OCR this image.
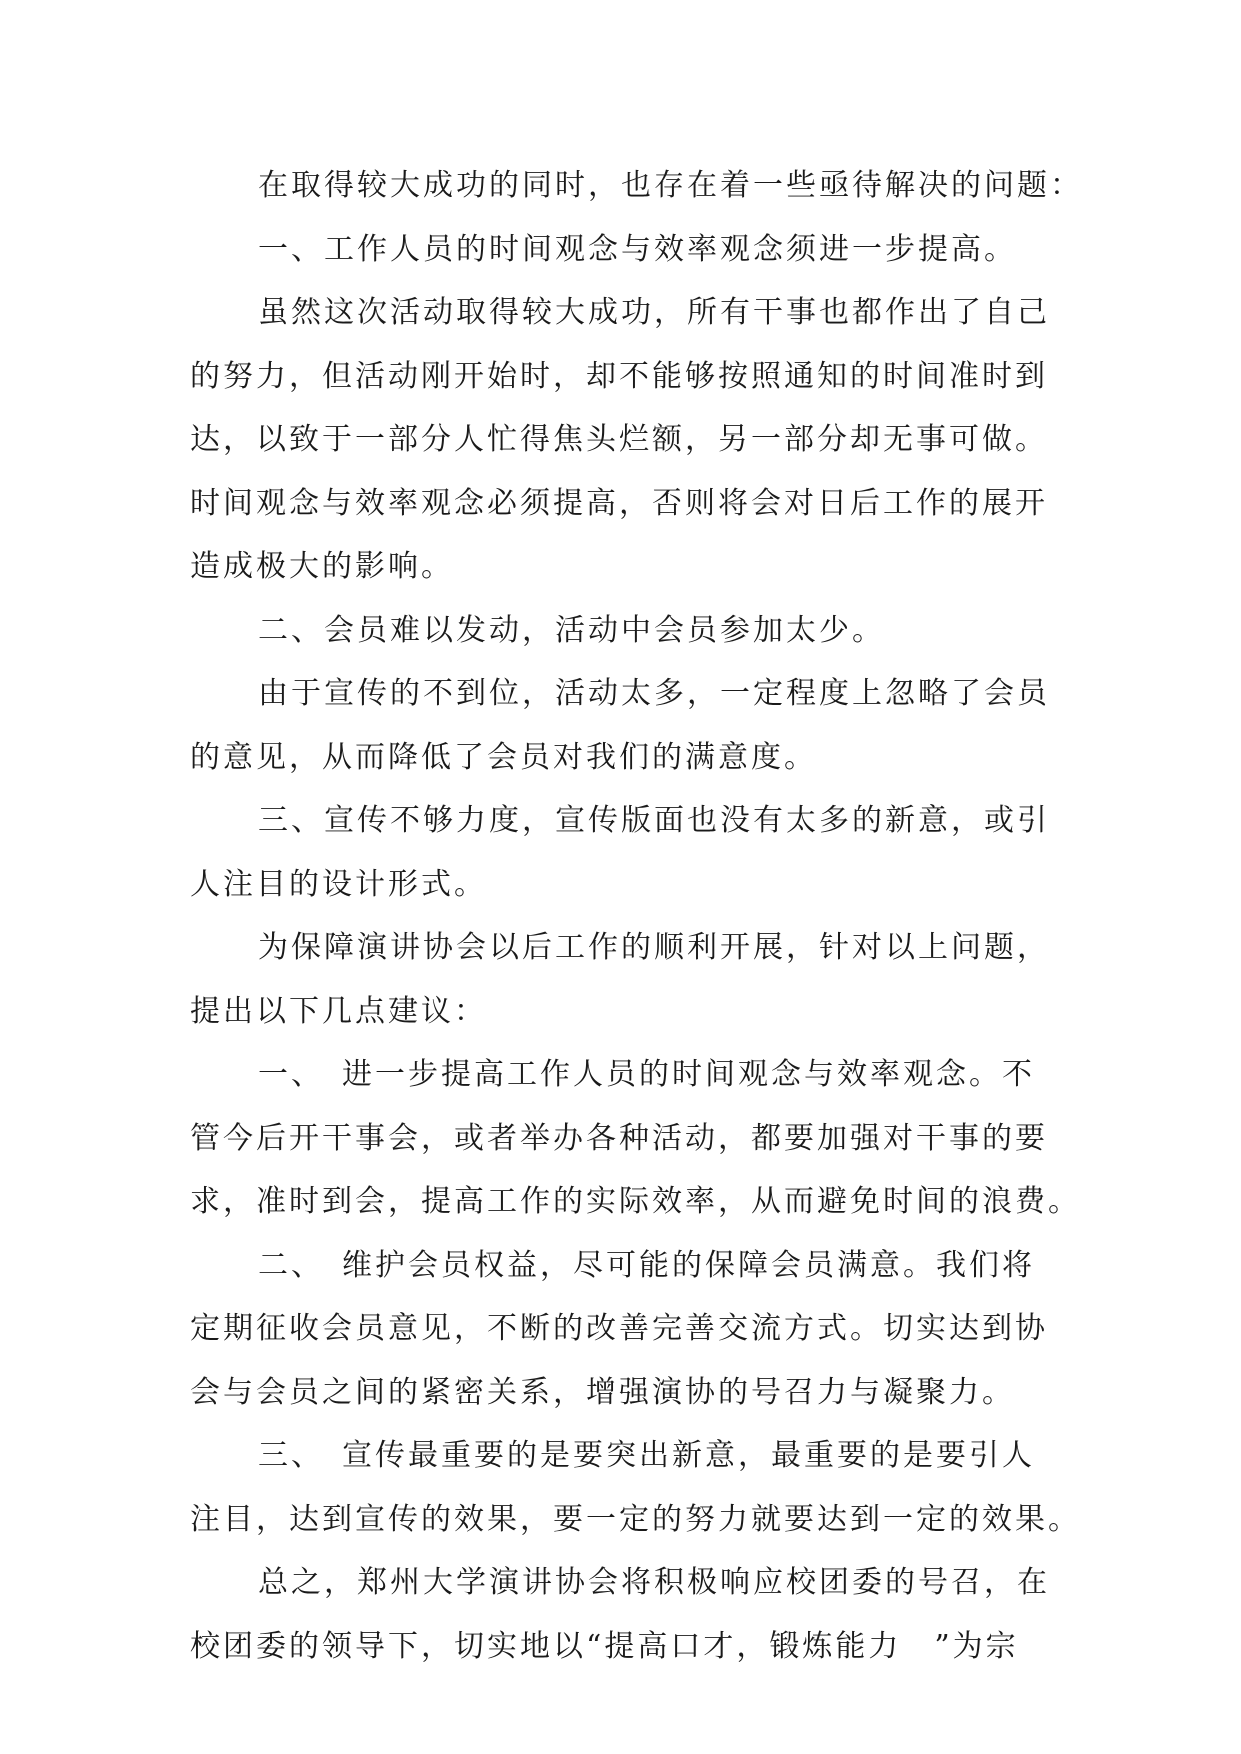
在取得较大成功的同时，也存在着一些亟待解决的问题：
一、工作人员的时间观念与效率观念须进一步提高。
虽然这次活动取得较大成功，所有干事也都作出了自己
的努力，但活动刚开始时，却不能够按照通知的时间准时到
达，以致于一部分人忙得焦头烂额，另一部分却无事可做。
时间观念与效率观念必须提高，否则将会对日后工作的展开
造成极大的影响。
二、会员难以发动，活动中会员参加太少。
由于宣传的不到位，活动太多，一定程度上忽略了会员
的意见，从而降低了会员对我们的满意度。
三、宣传不够力度，宣传版面也没有太多的新意，或引
人注目的设计形式。
为保障演讲协会以后工作的顺利开展，针对以上问题，
提出以下几点建议：
一、　进一步提高工作人员的时间观念与效率观念。不
管今后开干事会，或者举办各种活动，都要加强对干事的要
求，准时到会，提高工作的实际效率，从而避免时间的浪费。
二、　维护会员权益，尽可能的保障会员满意。我们将
定期征收会员意见，不断的改善完善交流方式。切实达到协
会与会员之间的紧密关系，增强演协的号召力与凝聚力。
三、　宣传最重要的是要突出新意，最重要的是要引人
注目，达到宣传的效果，要一定的努力就要达到一定的效果。
总之，郑州大学演讲协会将积极响应校团委的号召，在
校团委的领导下，切实地以“提高口才，锻炼能力　”为宗
